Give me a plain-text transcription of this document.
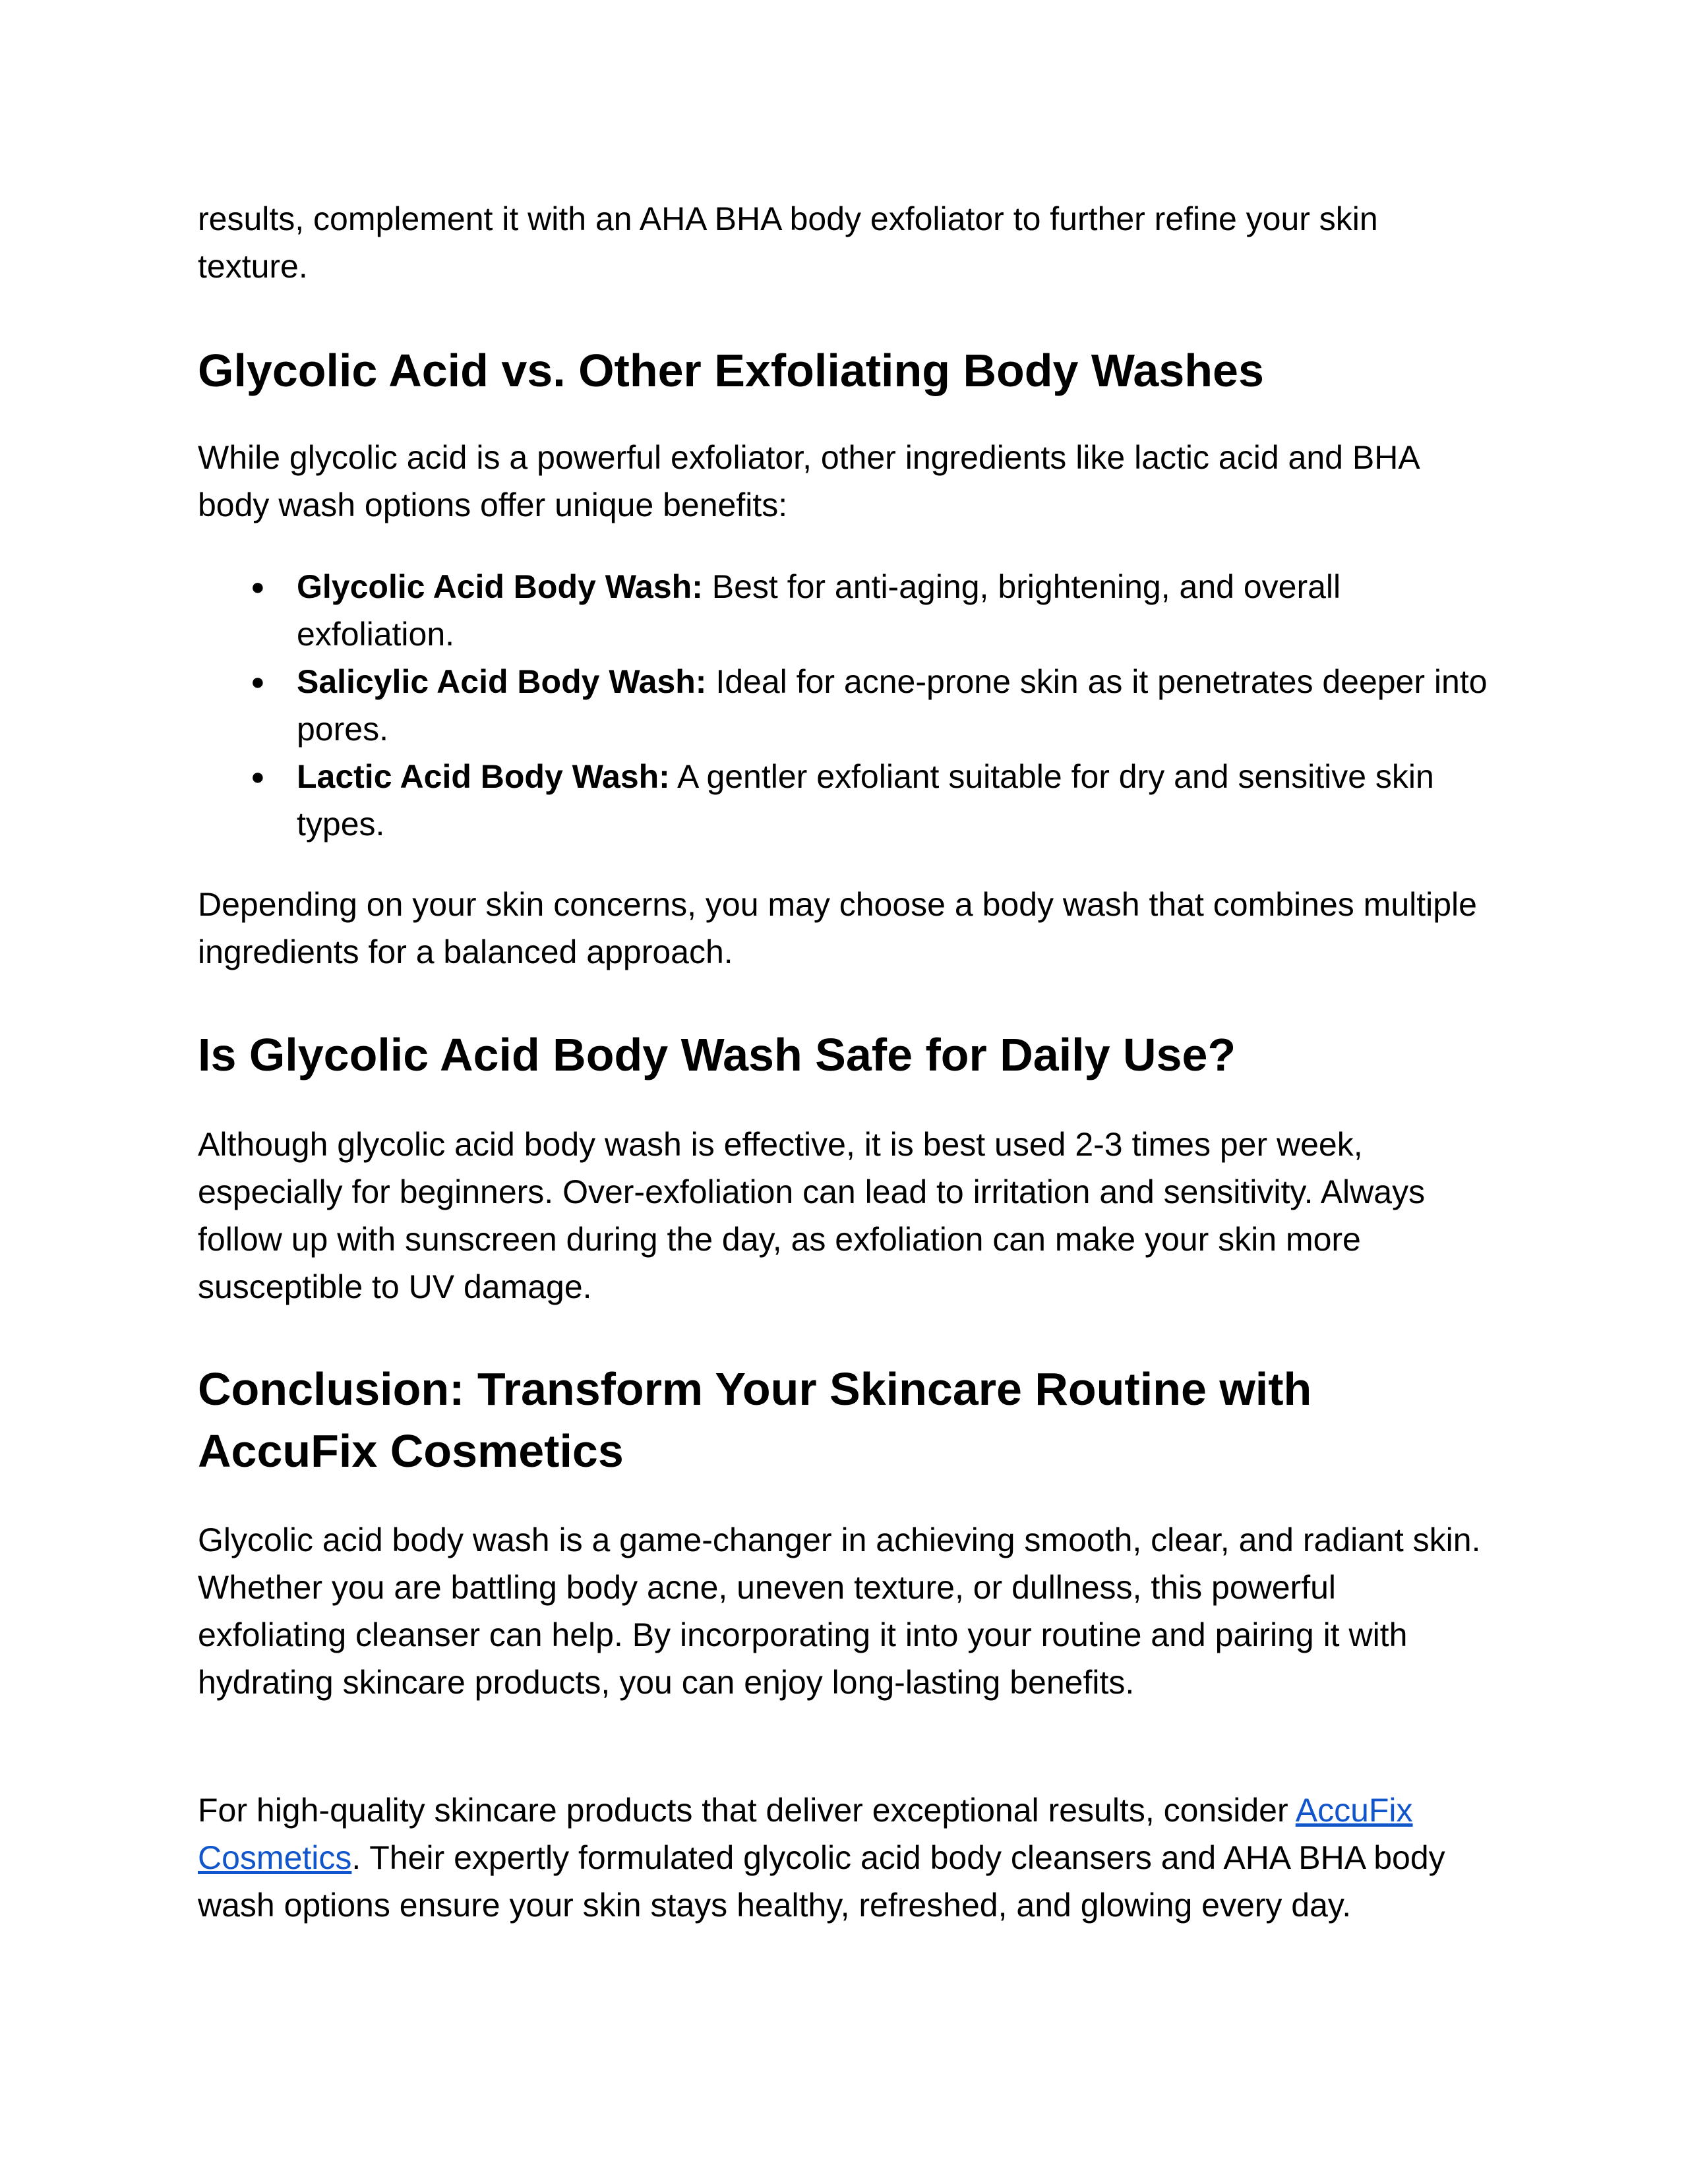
results, complement it with an AHA BHA body exfoliator to further refine your skin texture.

Glycolic Acid vs. Other Exfoliating Body Washes

While glycolic acid is a powerful exfoliator, other ingredients like lactic acid and BHA body wash options offer unique benefits:

● Glycolic Acid Body Wash: Best for anti-aging, brightening, and overall exfoliation.
● Salicylic Acid Body Wash: Ideal for acne-prone skin as it penetrates deeper into pores.
● Lactic Acid Body Wash: A gentler exfoliant suitable for dry and sensitive skin types.

Depending on your skin concerns, you may choose a body wash that combines multiple ingredients for a balanced approach.

Is Glycolic Acid Body Wash Safe for Daily Use?

Although glycolic acid body wash is effective, it is best used 2-3 times per week, especially for beginners. Over-exfoliation can lead to irritation and sensitivity. Always follow up with sunscreen during the day, as exfoliation can make your skin more susceptible to UV damage.

Conclusion: Transform Your Skincare Routine with AccuFix Cosmetics

Glycolic acid body wash is a game-changer in achieving smooth, clear, and radiant skin. Whether you are battling body acne, uneven texture, or dullness, this powerful exfoliating cleanser can help. By incorporating it into your routine and pairing it with hydrating skincare products, you can enjoy long-lasting benefits.

For high-quality skincare products that deliver exceptional results, consider AccuFix Cosmetics. Their expertly formulated glycolic acid body cleansers and AHA BHA body wash options ensure your skin stays healthy, refreshed, and glowing every day.
